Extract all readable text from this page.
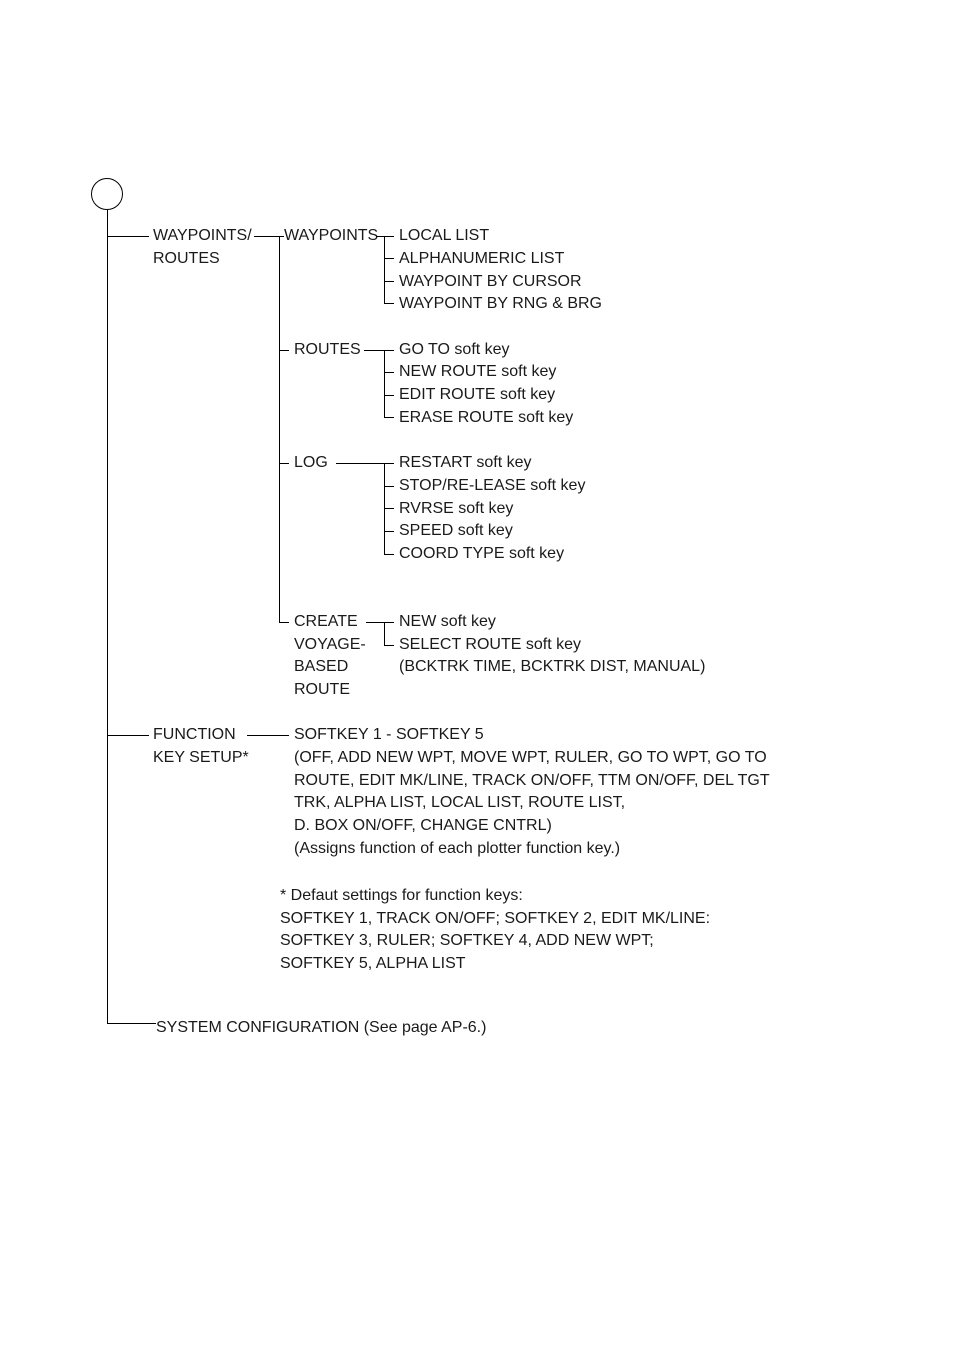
WAYPOINTS/
ROUTES
WAYPOINTS LOCAL LIST
ALPHANUMERIC LIST
WAYPOINT BY CURSOR
WAYPOINT BY RNG & BRG
ROUTES GO TO soft key
NEW ROUTE soft key
EDIT ROUTE soft key
ERASE ROUTE soft key
LOG	RESTART soft key
STOP/RE-LEASE soft key
RVRSE soft key
SPEED soft key
COORD TYPE soft key
CREATE
VOYAGE-
BASED
ROUTE
NEW soft key
SELECT ROUTE soft key
(BCKTRK TIME, BCKTRK DIST, MANUAL)
FUNCTION
KEY SETUP*
SOFTKEY 1 - SOFTKEY 5
(OFF, ADD NEW WPT, MOVE WPT, RULER, GO TO WPT, GO TO
ROUTE, EDIT MK/LINE, TRACK ON/OFF, TTM ON/OFF, DEL TGT
TRK, ALPHA LIST, LOCAL LIST, ROUTE LIST,
D. BOX ON/OFF, CHANGE CNTRL)
(Assigns function of each plotter function key.)
* Defaut settings for function keys:
SOFTKEY 1, TRACK ON/OFF; SOFTKEY 2, EDIT MK/LINE:
SOFTKEY 3, RULER; SOFTKEY 4, ADD NEW WPT;
SOFTKEY 5, ALPHA LIST
SYSTEM CONFIGURATION (See page AP-6.)
